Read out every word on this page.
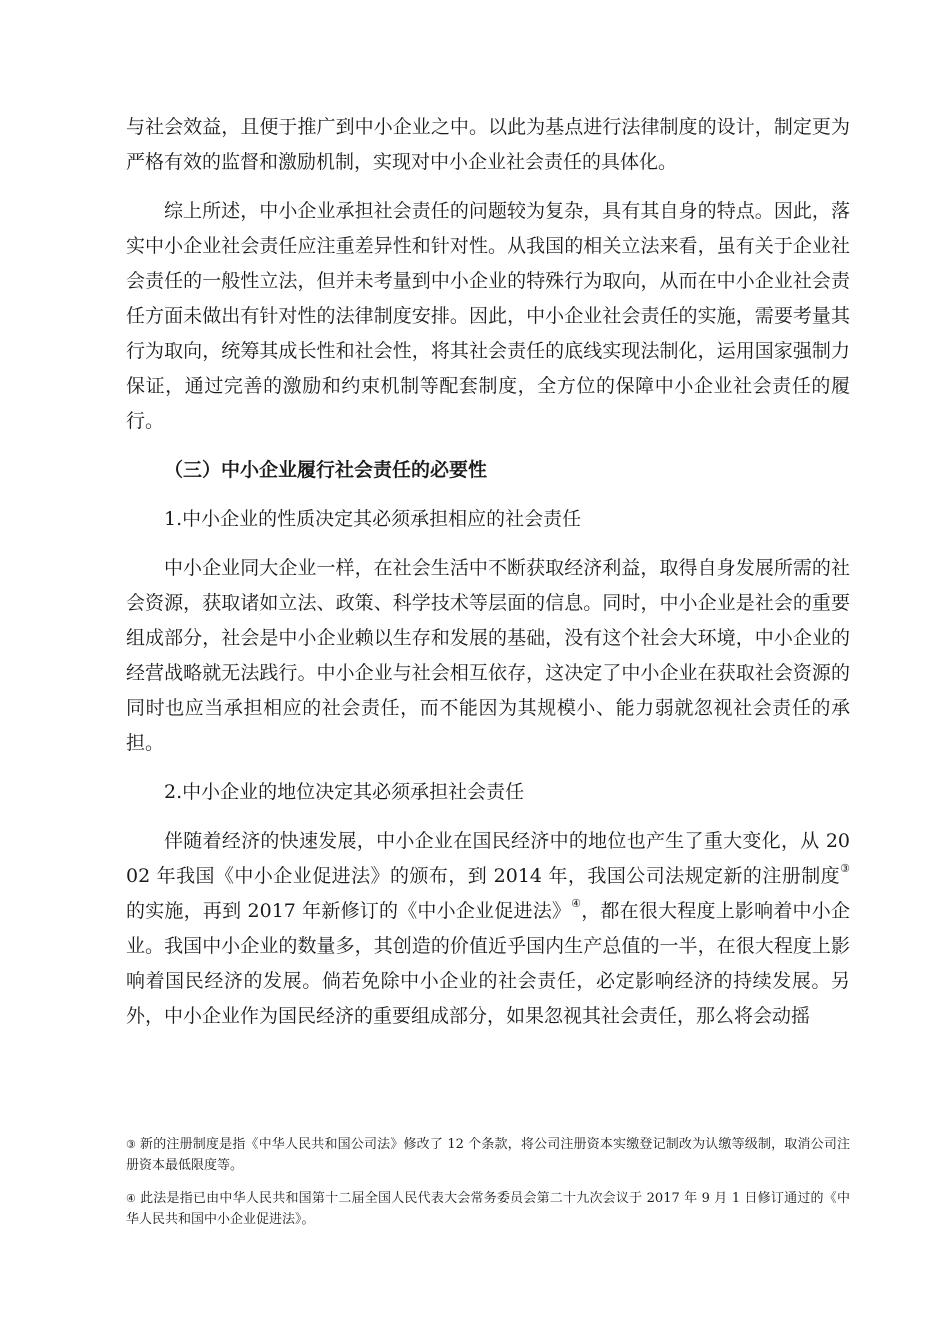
与社会效益，且便于推广到中小企业之中。以此为基点进行法律制度的设计，制定更为严格有效的监督和激励机制，实现对中小企业社会责任的具体化。

综上所述，中小企业承担社会责任的问题较为复杂，具有其自身的特点。因此，落实中小企业社会责任应注重差异性和针对性。从我国的相关立法来看，虽有关于企业社会责任的一般性立法，但并未考量到中小企业的特殊行为取向，从而在中小企业社会责任方面未做出有针对性的法律制度安排。因此，中小企业社会责任的实施，需要考量其行为取向，统筹其成长性和社会性，将其社会责任的底线实现法制化，运用国家强制力保证，通过完善的激励和约束机制等配套制度，全方位的保障中小企业社会责任的履行。

（三）中小企业履行社会责任的必要性

1.中小企业的性质决定其必须承担相应的社会责任

中小企业同大企业一样，在社会生活中不断获取经济利益，取得自身发展所需的社会资源，获取诸如立法、政策、科学技术等层面的信息。同时，中小企业是社会的重要组成部分，社会是中小企业赖以生存和发展的基础，没有这个社会大环境，中小企业的经营战略就无法践行。中小企业与社会相互依存，这决定了中小企业在获取社会资源的同时也应当承担相应的社会责任，而不能因为其规模小、能力弱就忽视社会责任的承担。

2.中小企业的地位决定其必须承担社会责任

伴随着经济的快速发展，中小企业在国民经济中的地位也产生了重大变化，从 2002 年我国《中小企业促进法》的颁布，到 2014 年，我国公司法规定新的注册制度③的实施，再到 2017 年新修订的《中小企业促进法》④，都在很大程度上影响着中小企业。我国中小企业的数量多，其创造的价值近乎国内生产总值的一半，在很大程度上影响着国民经济的发展。倘若免除中小企业的社会责任，必定影响经济的持续发展。另外，中小企业作为国民经济的重要组成部分，如果忽视其社会责任，那么将会动摇

③ 新的注册制度是指《中华人民共和国公司法》修改了 12 个条款，将公司注册资本实缴登记制改为认缴等级制，取消公司注册资本最低限度等。

④ 此法是指已由中华人民共和国第十二届全国人民代表大会常务委员会第二十九次会议于 2017 年 9 月 1 日修订通过的《中华人民共和国中小企业促进法》。
